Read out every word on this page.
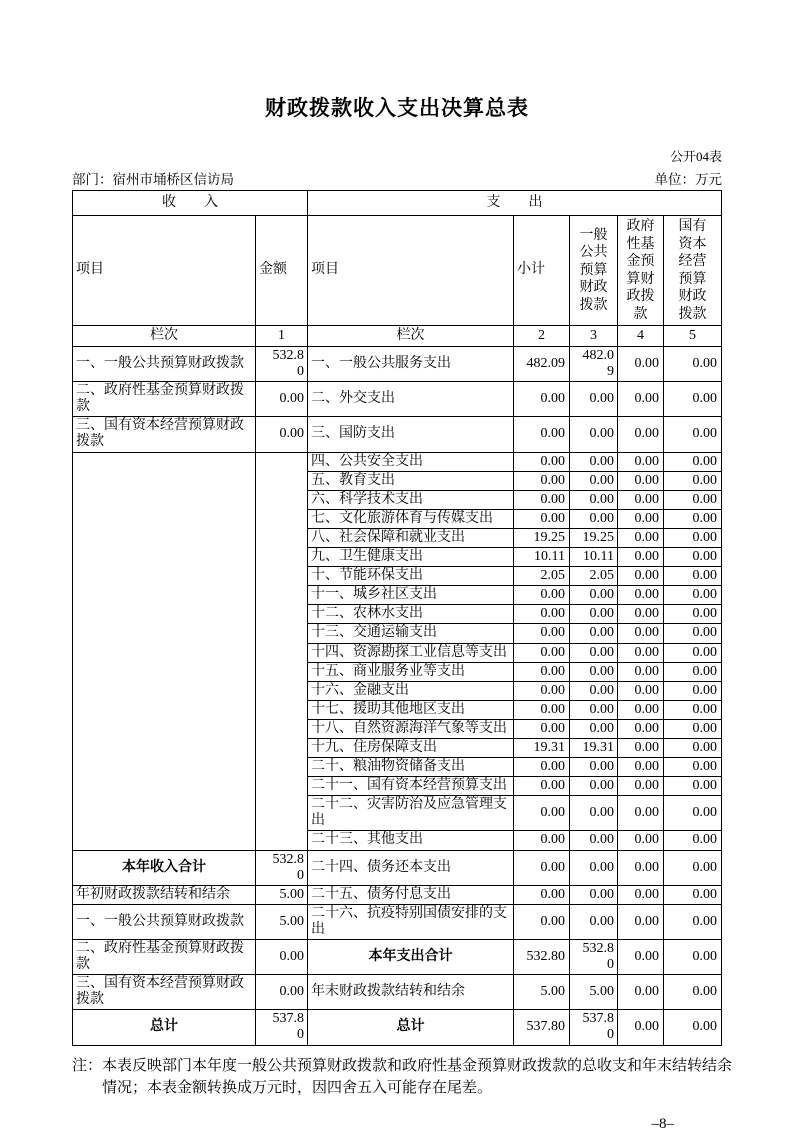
财政拨款收入支出决算总表
公开04表
部门：宿州市埇桥区信访局	单位：万元
收　　入		支　　出				
项目	金额	项目	小计	一般公共预算财政拨款	政府性基金预算财政拨款	国有资本经营预算财政拨款
栏次	1	栏次	2	3	4	5
一、一般公共预算财政拨款	532.80	一、一般公共服务支出	482.09	482.09	0.00	0.00
二、政府性基金预算财政拨款	0.00	二、外交支出	0.00	0.00	0.00	0.00
三、国有资本经营预算财政拨款	0.00	三、国防支出	0.00	0.00	0.00	0.00
		四、公共安全支出	0.00	0.00	0.00	0.00
		五、教育支出	0.00	0.00	0.00	0.00
		六、科学技术支出	0.00	0.00	0.00	0.00
		七、文化旅游体育与传媒支出	0.00	0.00	0.00	0.00
		八、社会保障和就业支出	19.25	19.25	0.00	0.00
		九、卫生健康支出	10.11	10.11	0.00	0.00
		十、节能环保支出	2.05	2.05	0.00	0.00
		十一、城乡社区支出	0.00	0.00	0.00	0.00
		十二、农林水支出	0.00	0.00	0.00	0.00
		十三、交通运输支出	0.00	0.00	0.00	0.00
		十四、资源勘探工业信息等支出	0.00	0.00	0.00	0.00
		十五、商业服务业等支出	0.00	0.00	0.00	0.00
		十六、金融支出	0.00	0.00	0.00	0.00
		十七、援助其他地区支出	0.00	0.00	0.00	0.00
		十八、自然资源海洋气象等支出	0.00	0.00	0.00	0.00
		十九、住房保障支出	19.31	19.31	0.00	0.00
		二十、粮油物资储备支出	0.00	0.00	0.00	0.00
		二十一、国有资本经营预算支出	0.00	0.00	0.00	0.00
		二十二、灾害防治及应急管理支出	0.00	0.00	0.00	0.00
		二十三、其他支出	0.00	0.00	0.00	0.00
本年收入合计	532.80	二十四、债务还本支出	0.00	0.00	0.00	0.00
年初财政拨款结转和结余	5.00	二十五、债务付息支出	0.00	0.00	0.00	0.00
一、一般公共预算财政拨款	5.00	二十六、抗疫特别国债安排的支出	0.00	0.00	0.00	0.00
二、政府性基金预算财政拨款	0.00	本年支出合计	532.80	532.80	0.00	0.00
三、国有资本经营预算财政拨款	0.00	年末财政拨款结转和结余	5.00	5.00	0.00	0.00
总计	537.80	总计	537.80	537.80	0.00	0.00
注：本表反映部门本年度一般公共预算财政拨款和政府性基金预算财政拨款的总收支和年末结转结余情况；本表金额转换成万元时，因四舍五入可能存在尾差。
–8–
